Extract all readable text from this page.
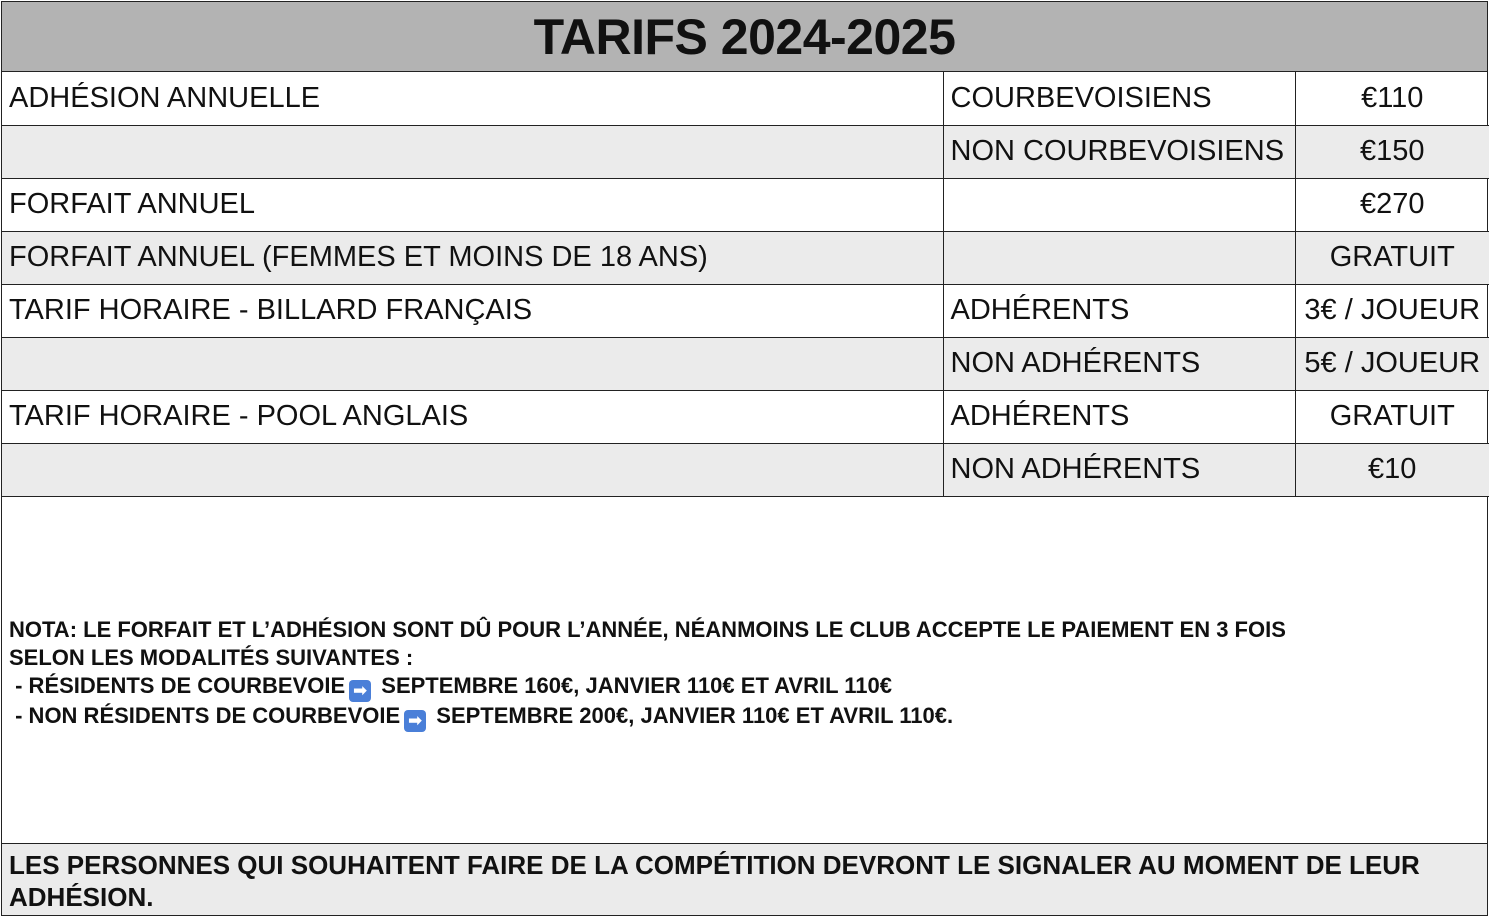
TARIFS 2024-2025
ADHÉSION ANNUELLE	COURBEVOISIENS	€110
	NON COURBEVOISIENS	€150
FORFAIT ANNUEL		€270
FORFAIT ANNUEL (FEMMES ET MOINS DE 18 ANS)		GRATUIT
TARIF HORAIRE - BILLARD FRANÇAIS	ADHÉRENTS	3€ / JOUEUR
	NON ADHÉRENTS	5€ / JOUEUR
TARIF HORAIRE - POOL ANGLAIS	ADHÉRENTS	GRATUIT
	NON ADHÉRENTS	€10
NOTA: LE FORFAIT ET L’ADHÉSION SONT DÛ POUR L’ANNÉE, NÉANMOINS LE CLUB ACCEPTE LE PAIEMENT EN 3 FOIS
SELON LES MODALITÉS SUIVANTES :
- RÉSIDENTS DE COURBEVOIE ➡ SEPTEMBRE 160€, JANVIER 110€ ET AVRIL 110€
- NON RÉSIDENTS DE COURBEVOIE ➡ SEPTEMBRE 200€, JANVIER 110€ ET AVRIL 110€.
LES PERSONNES QUI SOUHAITENT FAIRE DE LA COMPÉTITION DEVRONT LE SIGNALER AU MOMENT DE LEUR ADHÉSION.
